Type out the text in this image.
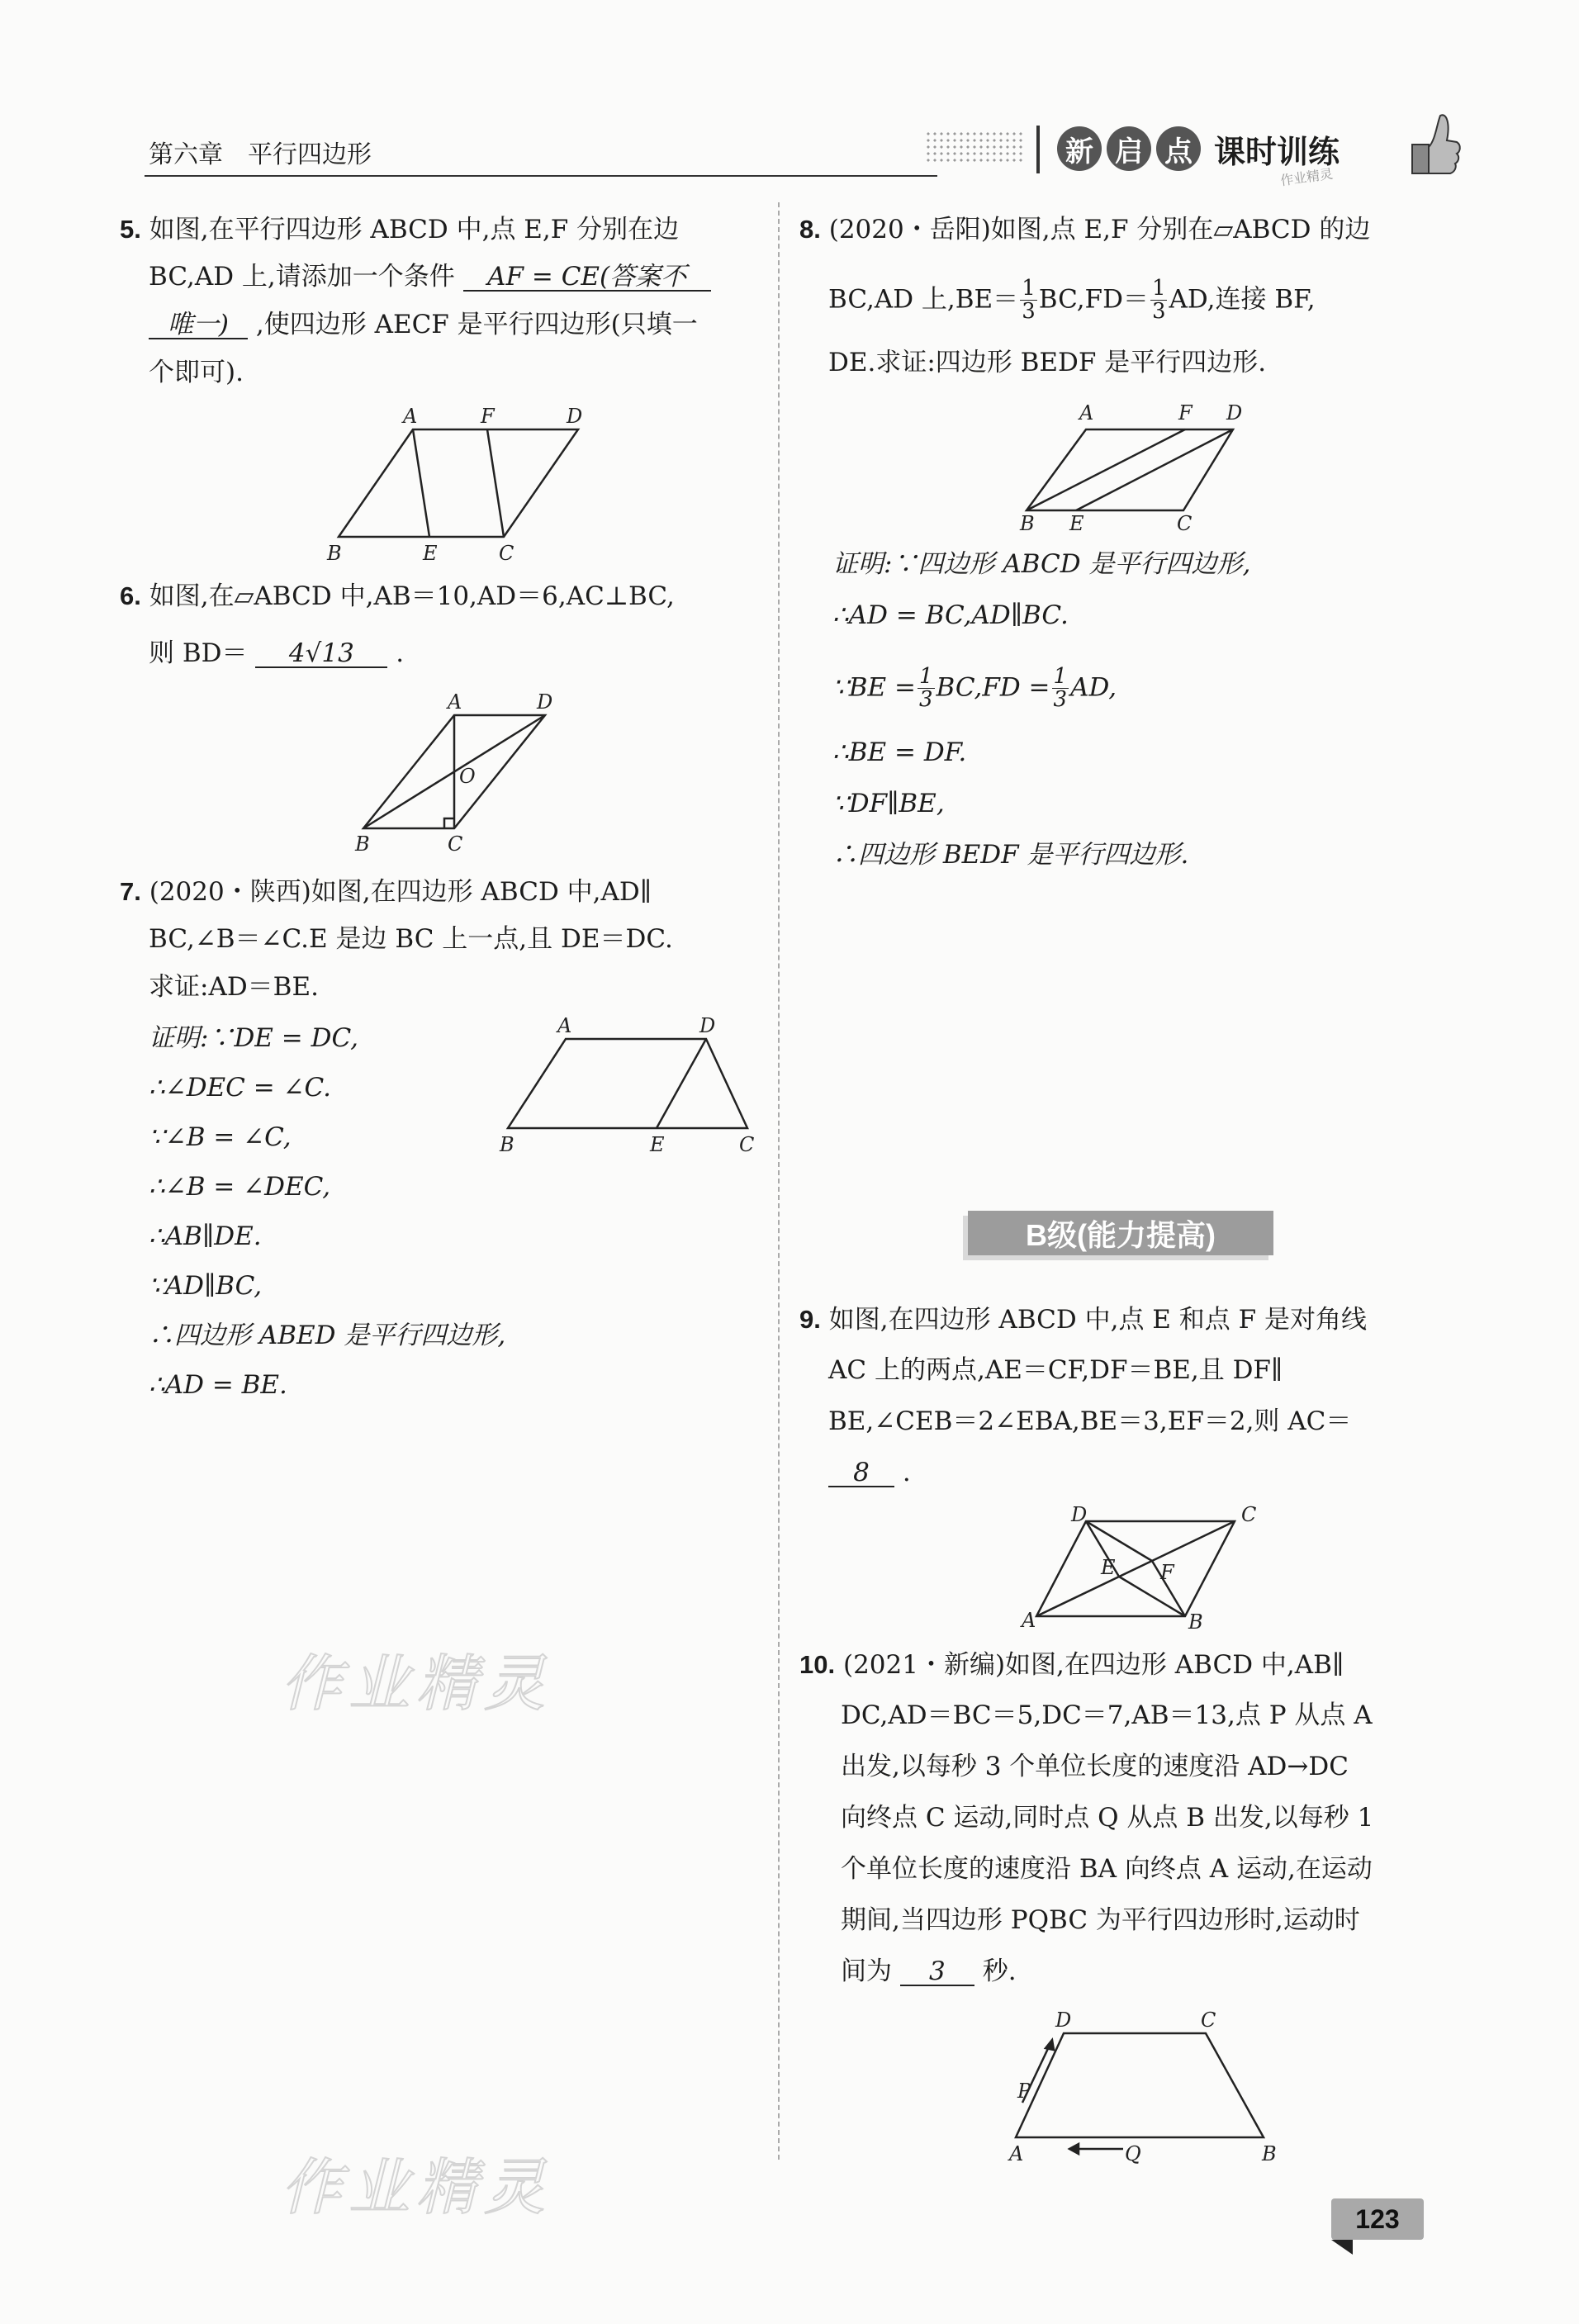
第六章　平行四边形	新 启 点 课时训练
作业精灵
5. 如图,在平行四边形 ABCD 中,点 E,F 分别在边
BC,AD 上,请添加一个条件 AF = CE(答案不
唯一) ,使四边形 AECF 是平行四边形(只填一
个即可).
A	F	D
B	E	C
6. 如图,在▱ABCD 中,AB＝10,AD＝6,AC⊥BC,
则 BD＝ 4√13 .
A	D
O
B	C
7. (2020・陕西)如图,在四边形 ABCD 中,AD∥
BC,∠B＝∠C.E 是边 BC 上一点,且 DE＝DC.
求证:AD＝BE.
证明:∵DE = DC,
∴∠DEC = ∠C.
∵∠B = ∠C,
∴∠B = ∠DEC,
∴AB∥DE.
∵AD∥BC,
∴四边形 ABED 是平行四边形,
∴AD = BE.
A	D
B	E	C
8. (2020・岳阳)如图,点 E,F 分别在▱ABCD 的边
BC,AD 上$,BE= \frac{1}{3} BC,FD= \frac{1}{3}$ AD,连接 BF,
DE.求证:四边形 BEDF 是平行四边形.
A	F D
B E	C
证明:∵四边形 ABCD 是平行四边形,
∴AD = BC,AD∥BC.
∵BE = $\frac{1}{3} BC,FD = \frac{1}{3}$ AD,
∴BE = DF.
∵DF∥BE,
∴四边形 BEDF 是平行四边形.
B级(能力提高)
9. 如图,在四边形 ABCD 中,点 E 和点 F 是对角线
AC 上的两点,AE＝CF,DF＝BE,且 DF∥
BE,∠CEB＝2∠EBA,BE＝3,EF＝2,则 AC＝
8 .
D	C
E F
A	B
10. (2021・新编)如图,在四边形 ABCD 中,AB∥
DC,AD＝BC＝5,DC＝7,AB＝13,点 P 从点 A
出发,以每秒 3 个单位长度的速度沿 AD→DC
向终点 C 运动,同时点 Q 从点 B 出发,以每秒 1
个单位长度的速度沿 BA 向终点 A 运动,在运动
期间,当四边形 PQBC 为平行四边形时,运动时
间为 3 秒.
D	C
P
A	Q	B
作业精灵
作业精灵	123
